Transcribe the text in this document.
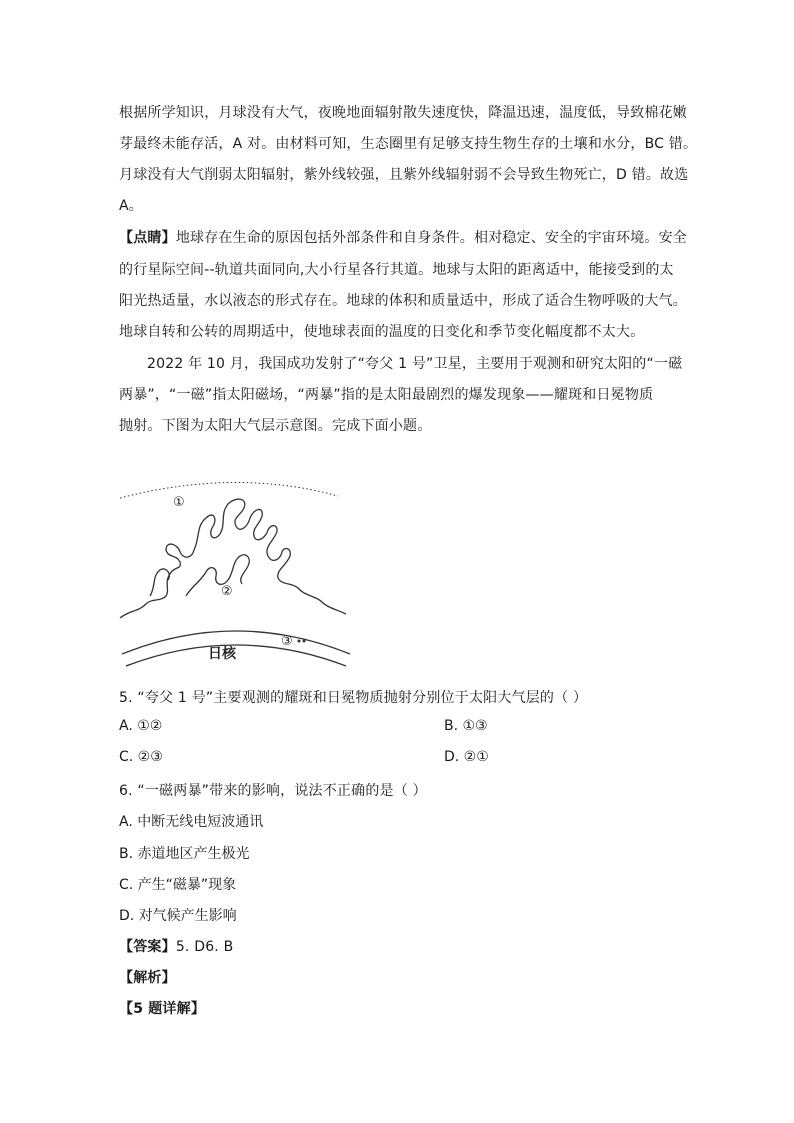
根据所学知识，月球没有大气，夜晚地面辐射散失速度快，降温迅速，温度低，导致棉花嫩
芽最终未能存活，A 对。由材料可知，生态圈里有足够支持生物生存的土壤和水分，BC 错。
月球没有大气削弱太阳辐射，紫外线较强，且紫外线辐射弱不会导致生物死亡，D 错。故选
A。
【点睛】地球存在生命的原因包括外部条件和自身条件。相对稳定、安全的宇宙环境。安全
的行星际空间--轨道共面同向,大小行星各行其道。地球与太阳的距离适中，能接受到的太
阳光热适量，水以液态的形式存在。地球的体积和质量适中，形成了适合生物呼吸的大气。
地球自转和公转的周期适中，使地球表面的温度的日变化和季节变化幅度都不太大。
2022 年 10 月，我国成功发射了“夸父 1 号”卫星，主要用于观测和研究太阳的“一磁
两暴”，“一磁”指太阳磁场，“两暴”指的是太阳最剧烈的爆发现象——耀斑和日冕物质
抛射。下图为太阳大气层示意图。完成下面小题。
①
②
③
日核
5. “夸父 1 号”主要观测的耀斑和日冕物质抛射分别位于太阳大气层的（ ）
A. ①②	B. ①③
C. ②③	D. ②①
6. “一磁两暴”带来的影响，说法不正确的是（ ）
A. 中断无线电短波通讯
B. 赤道地区产生极光
C. 产生“磁暴”现象
D. 对气候产生影响
【答案】5. D6. B
【解析】
【5 题详解】
